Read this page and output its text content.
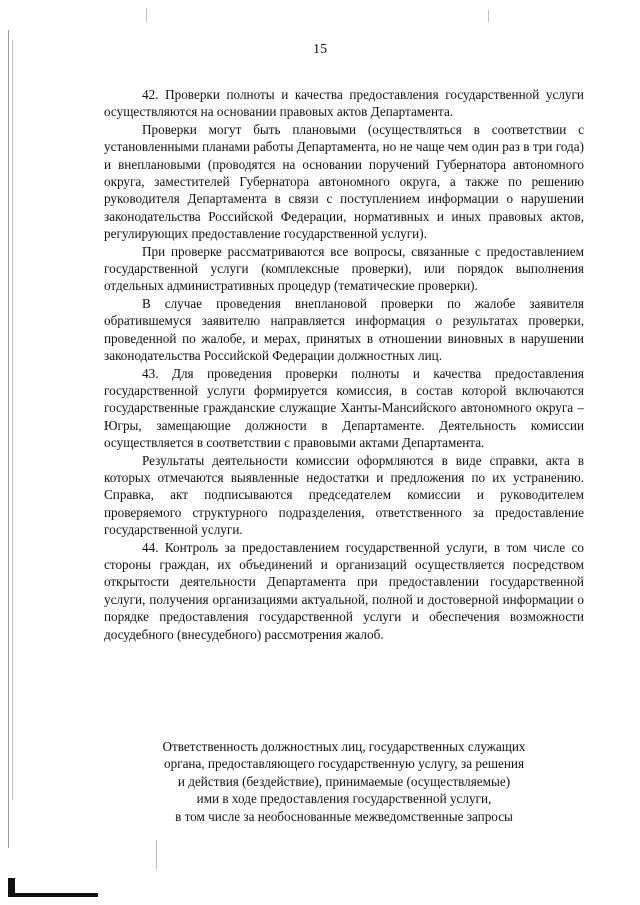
15

42. Проверки полноты и качества предоставления государственной услуги осуществляются на основании правовых актов Департамента.

Проверки могут быть плановыми (осуществляться в соответствии с установленными планами работы Департамента, но не чаще чем один раз в три года) и внеплановыми (проводятся на основании поручений Губернатора автономного округа, заместителей Губернатора автономного округа, а также по решению руководителя Департамента в связи с поступлением информации о нарушении законодательства Российской Федерации, нормативных и иных правовых актов, регулирующих предоставление государственной услуги).

При проверке рассматриваются все вопросы, связанные с предоставлением государственной услуги (комплексные проверки), или порядок выполнения отдельных административных процедур (тематические проверки).

В случае проведения внеплановой проверки по жалобе заявителя обратившемуся заявителю направляется информация о результатах проверки, проведенной по жалобе, и мерах, принятых в отношении виновных в нарушении законодательства Российской Федерации должностных лиц.

43. Для проведения проверки полноты и качества предоставления государственной услуги формируется комиссия, в состав которой включаются государственные гражданские служащие Ханты-Мансийского автономного округа – Югры, замещающие должности в Департаменте. Деятельность комиссии осуществляется в соответствии с правовыми актами Департамента.

Результаты деятельности комиссии оформляются в виде справки, акта в которых отмечаются выявленные недостатки и предложения по их устранению. Справка, акт подписываются председателем комиссии и руководителем проверяемого структурного подразделения, ответственного за предоставление государственной услуги.

44. Контроль за предоставлением государственной услуги, в том числе со стороны граждан, их объединений и организаций осуществляется посредством открытости деятельности Департамента при предоставлении государственной услуги, получения организациями актуальной, полной и достоверной информации о порядке предоставления государственной услуги и обеспечения возможности досудебного (внесудебного) рассмотрения жалоб.

Ответственность должностных лиц, государственных служащих

органа, предоставляющего государственную услугу, за решения

и действия (бездействие), принимаемые (осуществляемые)

ими в ходе предоставления государственной услуги,

в том числе за необоснованные межведомственные запросы
